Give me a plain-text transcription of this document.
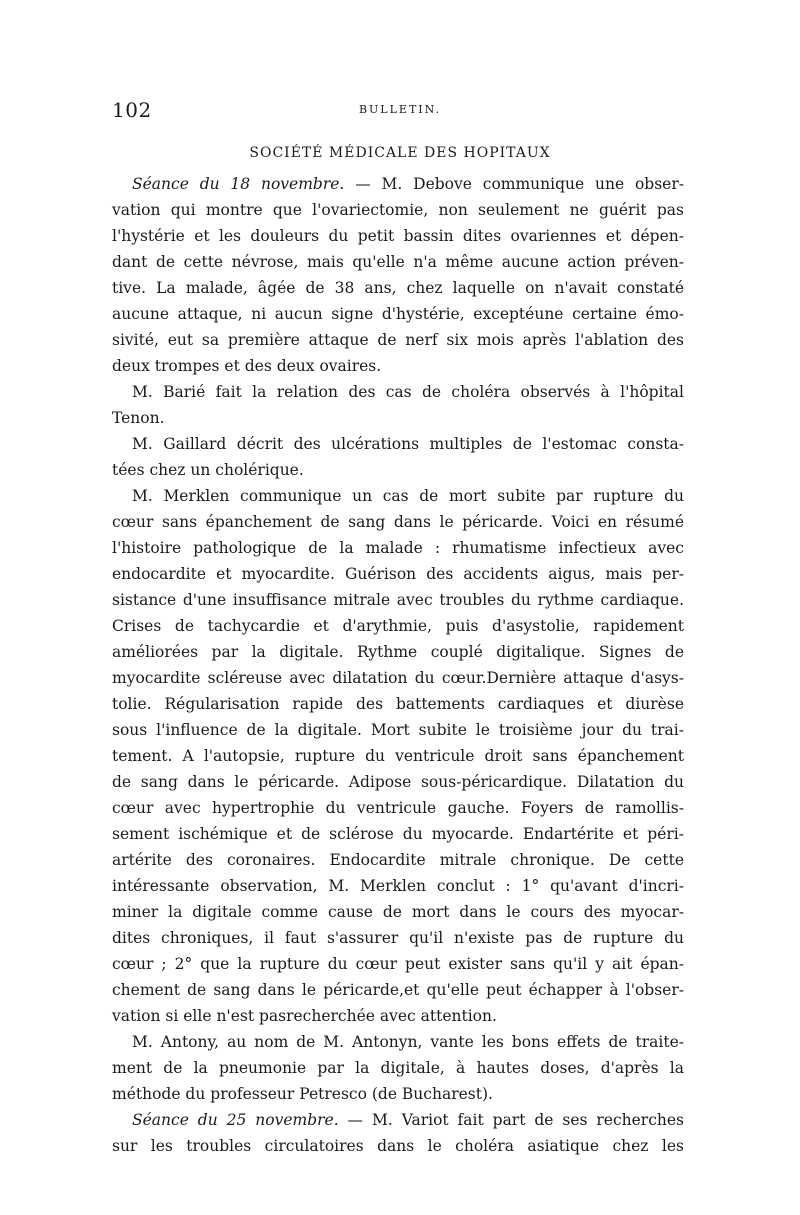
102	BULLETIN.
SOCIÉTÉ MÉDICALE DES HOPITAUX
Séance du 18 novembre. — M. Debove communique une obser-
vation qui montre que l'ovariectomie, non seulement ne guérit pas
l'hystérie et les douleurs du petit bassin dites ovariennes et dépen-
dant de cette névrose, mais qu'elle n'a même aucune action préven-
tive. La malade, âgée de 38 ans, chez laquelle on n'avait constaté
aucune attaque, ni aucun signe d'hystérie, exceptéune certaine émo-
sivité, eut sa première attaque de nerf six mois après l'ablation des
deux trompes et des deux ovaires.
M. Barié fait la relation des cas de choléra observés à l'hôpital
Tenon.
M. Gaillard décrit des ulcérations multiples de l'estomac consta-
tées chez un cholérique.
M. Merklen communique un cas de mort subite par rupture du
cœur sans épanchement de sang dans le péricarde. Voici en résumé
l'histoire pathologique de la malade : rhumatisme infectieux avec
endocardite et myocardite. Guérison des accidents aigus, mais per-
sistance d'une insuffisance mitrale avec troubles du rythme cardiaque.
Crises de tachycardie et d'arythmie, puis d'asystolie, rapidement
améliorées par la digitale. Rythme couplé digitalique. Signes de
myocardite scléreuse avec dilatation du cœur.Dernière attaque d'asys-
tolie. Régularisation rapide des battements cardiaques et diurèse
sous l'influence de la digitale. Mort subite le troisième jour du trai-
tement. A l'autopsie, rupture du ventricule droit sans épanchement
de sang dans le péricarde. Adipose sous-péricardique. Dilatation du
cœur avec hypertrophie du ventricule gauche. Foyers de ramollis-
sement ischémique et de sclérose du myocarde. Endartérite et péri-
artérite des coronaires. Endocardite mitrale chronique. De cette
intéressante observation, M. Merklen conclut : 1° qu'avant d'incri-
miner la digitale comme cause de mort dans le cours des myocar-
dites chroniques, il faut s'assurer qu'il n'existe pas de rupture du
cœur ; 2° que la rupture du cœur peut exister sans qu'il y ait épan-
chement de sang dans le péricarde,et qu'elle peut échapper à l'obser-
vation si elle n'est pasrecherchée avec attention.
M. Antony, au nom de M. Antonyn, vante les bons effets de traite-
ment de la pneumonie par la digitale, à hautes doses, d'après la
méthode du professeur Petresco (de Bucharest).
Séance du 25 novembre. — M. Variot fait part de ses recherches
sur les troubles circulatoires dans le choléra asiatique chez les
